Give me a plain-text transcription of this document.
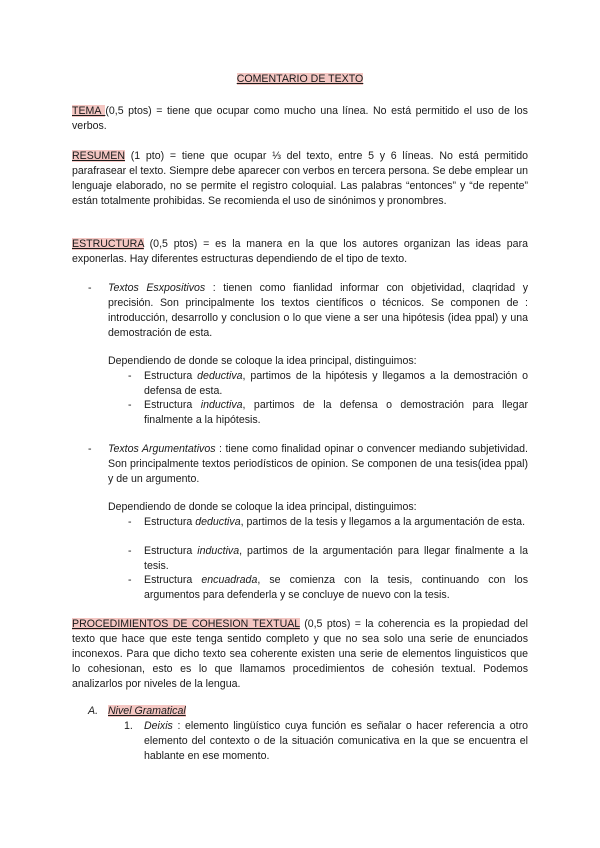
COMENTARIO DE TEXTO

TEMA (0,5 ptos) = tiene que ocupar como mucho una línea. No está permitido el uso de los verbos.

RESUMEN (1 pto) = tiene que ocupar ⅓ del texto, entre 5 y 6 líneas. No está permitido parafrasear el texto. Siempre debe aparecer con verbos en tercera persona. Se debe emplear un lenguaje elaborado, no se permite el registro coloquial. Las palabras “entonces” y “de repente” están totalmente prohibidas. Se recomienda el uso de sinónimos y pronombres.

ESTRUCTURA (0,5 ptos) = es la manera en la que los autores organizan las ideas para exponerlas. Hay diferentes estructuras dependiendo de el tipo de texto.

- Textos Esxpositivos : tienen como fianlidad informar con objetividad, claqridad y precisión. Son principalmente los textos científicos o técnicos. Se componen de : introducción, desarrollo y conclusion o lo que viene a ser una hipótesis (idea ppal) y una demostración de esta.

Dependiendo de donde se coloque la idea principal, distinguimos:

- Estructura deductiva, partimos de la hipótesis y llegamos a la demostración o defensa de esta.
- Estructura inductiva, partimos de la defensa o demostración para llegar finalmente a la hipótesis.
- Textos Argumentativos : tiene como finalidad opinar o convencer mediando subjetividad. Son principalmente textos periodísticos de opinion. Se componen de una tesis(idea ppal) y de un argumento.

Dependiendo de donde se coloque la idea principal, distinguimos:

- Estructura deductiva, partimos de la tesis y llegamos a la argumentación de esta.
- Estructura inductiva, partimos de la argumentación para llegar finalmente a la tesis.
- Estructura encuadrada, se comienza con la tesis, continuando con los argumentos para defenderla y se concluye de nuevo con la tesis.

PROCEDIMIENTOS DE COHESION TEXTUAL (0,5 ptos) = la coherencia es la propiedad del texto que hace que este tenga sentido completo y que no sea solo una serie de enunciados inconexos. Para que dicho texto sea coherente existen una serie de elementos linguisticos que lo cohesionan, esto es lo que llamamos procedimientos de cohesión textual. Podemos analizarlos por niveles de la lengua.

A. Nivel Gramatical

1. Deixis : elemento lingüístico cuya función es señalar o hacer referencia a otro elemento del contexto o de la situación comunicativa en la que se encuentra el hablante en ese momento.
